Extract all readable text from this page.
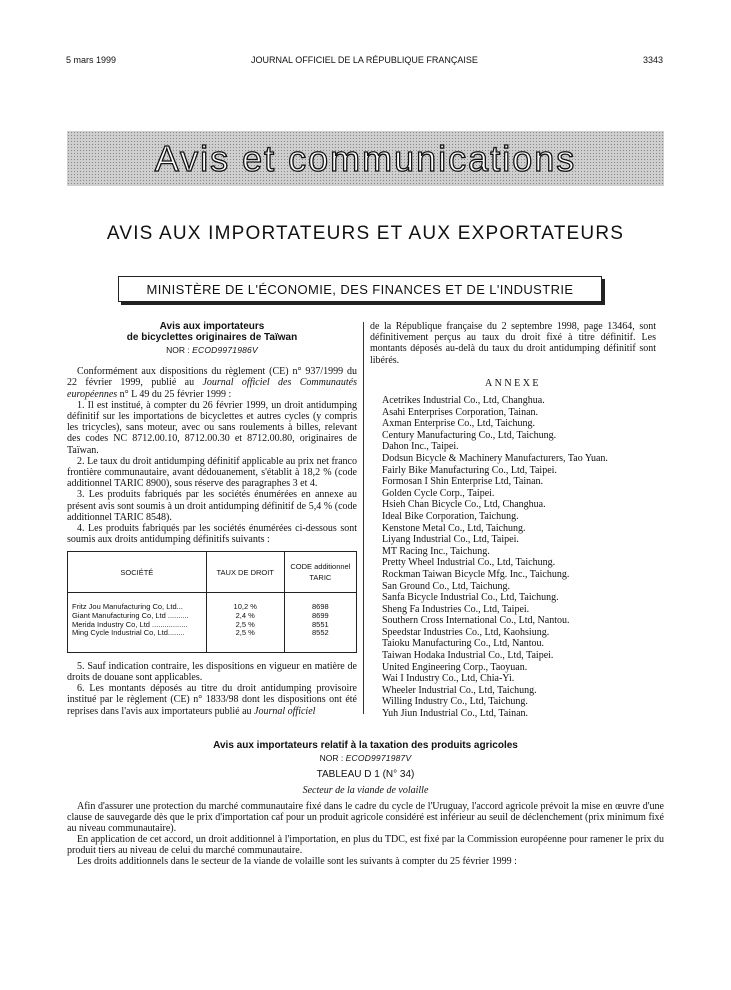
5 mars 1999	JOURNAL OFFICIEL DE LA RÉPUBLIQUE FRANÇAISE	3343
Avis et communications
AVIS AUX IMPORTATEURS ET AUX EXPORTATEURS
MINISTÈRE DE L'ÉCONOMIE, DES FINANCES ET DE L'INDUSTRIE
Avis aux importateurs
de bicyclettes originaires de Taïwan
NOR : ECOD9971986V

Conformément aux dispositions du règlement (CE) n° 937/1999 du 22 février 1999, publié au Journal officiel des Communautés européennes n° L 49 du 25 février 1999 :

1. Il est institué, à compter du 26 février 1999, un droit antidumping définitif sur les importations de bicyclettes et autres cycles (y compris les tricycles), sans moteur, avec ou sans roulements à billes, relevant des codes NC 8712.00.10, 8712.00.30 et 8712.00.80, originaires de Taïwan.

2. Le taux du droit antidumping définitif applicable au prix net franco frontière communautaire, avant dédouanement, s'établit à 18,2 % (code additionnel TARIC 8900), sous réserve des paragraphes 3 et 4.

3. Les produits fabriqués par les sociétés énumérées en annexe au présent avis sont soumis à un droit antidumping définitif de 5,4 % (code additionnel TARIC 8548).

4. Les produits fabriqués par les sociétés énumérées ci-dessous sont soumis aux droits antidumping définitifs suivants :

SOCIÉTÉ	TAUX DE DROIT	CODE additionnel TARIC
Fritz Jou Manufacturing Co, Ltd...	10,2 %	8698
Giant Manufacturing Co, Ltd ..........	2,4 %	8699
Merida Industry Co, Ltd .................	2,5 %	8551
Ming Cycle Industrial Co, Ltd........	2,5 %	8552

5. Sauf indication contraire, les dispositions en vigueur en matière de droits de douane sont applicables.

6. Les montants déposés au titre du droit antidumping provisoire institué par le règlement (CE) n° 1833/98 dont les dispositions ont été reprises dans l'avis aux importateurs publié au Journal officiel

de la République française du 2 septembre 1998, page 13464, sont définitivement perçus au taux du droit fixé à titre définitif. Les montants déposés au-delà du taux du droit antidumping définitif sont libérés.

ANNEXE
Acetrikes Industrial Co., Ltd, Changhua.
Asahi Enterprises Corporation, Tainan.
Axman Enterprise Co., Ltd, Taichung.
Century Manufacturing Co., Ltd, Taichung.
Dahon Inc., Taipei.
Dodsun Bicycle & Machinery Manufacturers, Tao Yuan.
Fairly Bike Manufacturing Co., Ltd, Taipei.
Formosan I Shin Enterprise Ltd, Tainan.
Golden Cycle Corp., Taipei.
Hsieh Chan Bicycle Co., Ltd, Changhua.
Ideal Bike Corporation, Taichung.
Kenstone Metal Co., Ltd, Taichung.
Liyang Industrial Co., Ltd, Taipei.
MT Racing Inc., Taichung.
Pretty Wheel Industrial Co., Ltd, Taichung.
Rockman Taiwan Bicycle Mfg. Inc., Taichung.
San Ground Co., Ltd, Taichung.
Sanfa Bicycle Industrial Co., Ltd, Taichung.
Sheng Fa Industries Co., Ltd, Taipei.
Southern Cross International Co., Ltd, Nantou.
Speedstar Industries Co., Ltd, Kaohsiung.
Taioku Manufacturing Co., Ltd, Nantou.
Taiwan Hodaka Industrial Co., Ltd, Taipei.
United Engineering Corp., Taoyuan.
Wai I Industry Co., Ltd, Chia-Yi.
Wheeler Industrial Co., Ltd, Taichung.
Willing Industry Co., Ltd, Taichung.
Yuh Jiun Industrial Co., Ltd, Tainan.
Avis aux importateurs relatif à la taxation des produits agricoles
NOR : ECOD9971987V
TABLEAU D 1 (N° 34)
Secteur de la viande de volaille

Afin d'assurer une protection du marché communautaire fixé dans le cadre du cycle de l'Uruguay, l'accord agricole prévoit la mise en œuvre d'une clause de sauvegarde dès que le prix d'importation caf pour un produit agricole considéré est inférieur au seuil de déclenchement (prix minimum fixé au niveau communautaire).

En application de cet accord, un droit additionnel à l'importation, en plus du TDC, est fixé par la Commission européenne pour ramener le prix du produit tiers au niveau de celui du marché communautaire.

Les droits additionnels dans le secteur de la viande de volaille sont les suivants à compter du 25 février 1999 :
